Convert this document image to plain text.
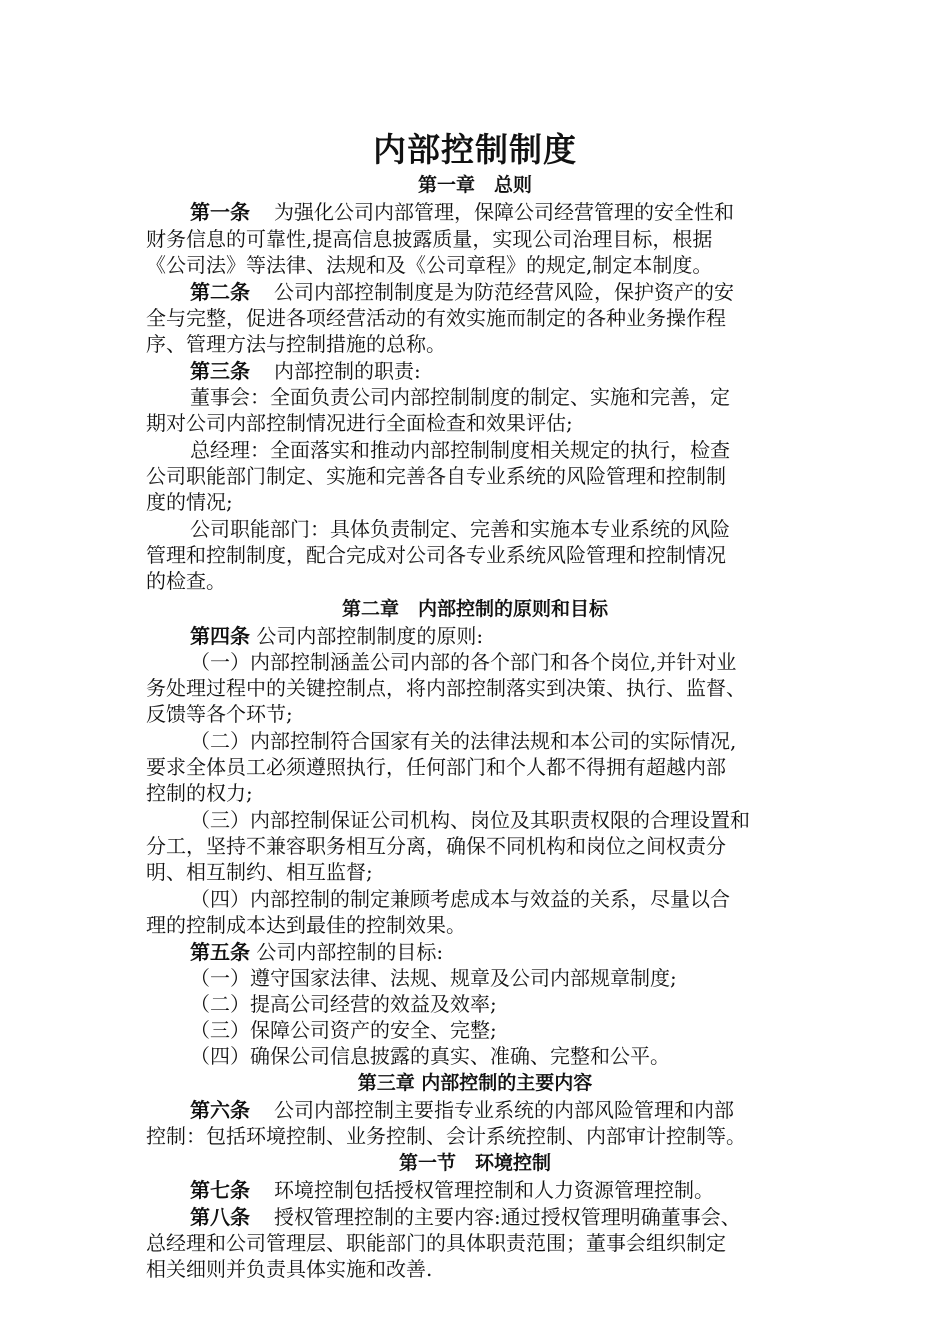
内部控制制度
第一章　总则
第一条 为强化公司内部管理，保障公司经营管理的安全性和
财务信息的可靠性,提高信息披露质量，实现公司治理目标，根据
《公司法》等法律、法规和及《公司章程》的规定,制定本制度。
第二条 公司内部控制制度是为防范经营风险，保护资产的安
全与完整，促进各项经营活动的有效实施而制定的各种业务操作程
序、管理方法与控制措施的总称。
第三条 内部控制的职责:
董事会：全面负责公司内部控制制度的制定、实施和完善，定
期对公司内部控制情况进行全面检查和效果评估;
总经理：全面落实和推动内部控制制度相关规定的执行，检查
公司职能部门制定、实施和完善各自专业系统的风险管理和控制制
度的情况;
公司职能部门：具体负责制定、完善和实施本专业系统的风险
管理和控制制度，配合完成对公司各专业系统风险管理和控制情况
的检查。
第二章　内部控制的原则和目标
第四条 公司内部控制制度的原则:
（一）内部控制涵盖公司内部的各个部门和各个岗位,并针对业
务处理过程中的关键控制点，将内部控制落实到决策、执行、监督、
反馈等各个环节;
（二）内部控制符合国家有关的法律法规和本公司的实际情况,
要求全体员工必须遵照执行，任何部门和个人都不得拥有超越内部
控制的权力;
（三）内部控制保证公司机构、岗位及其职责权限的合理设置和
分工，坚持不兼容职务相互分离，确保不同机构和岗位之间权责分
明、相互制约、相互监督;
（四）内部控制的制定兼顾考虑成本与效益的关系，尽量以合
理的控制成本达到最佳的控制效果。
第五条 公司内部控制的目标:
（一）遵守国家法律、法规、规章及公司内部规章制度;
（二）提高公司经营的效益及效率;
（三）保障公司资产的安全、完整;
（四）确保公司信息披露的真实、准确、完整和公平。
第三章 内部控制的主要内容
第六条 公司内部控制主要指专业系统的内部风险管理和内部
控制：包括环境控制、业务控制、会计系统控制、内部审计控制等。
第一节　环境控制
第七条 环境控制包括授权管理控制和人力资源管理控制。
第八条 授权管理控制的主要内容:通过授权管理明确董事会、
总经理和公司管理层、职能部门的具体职责范围；董事会组织制定
相关细则并负责具体实施和改善.
